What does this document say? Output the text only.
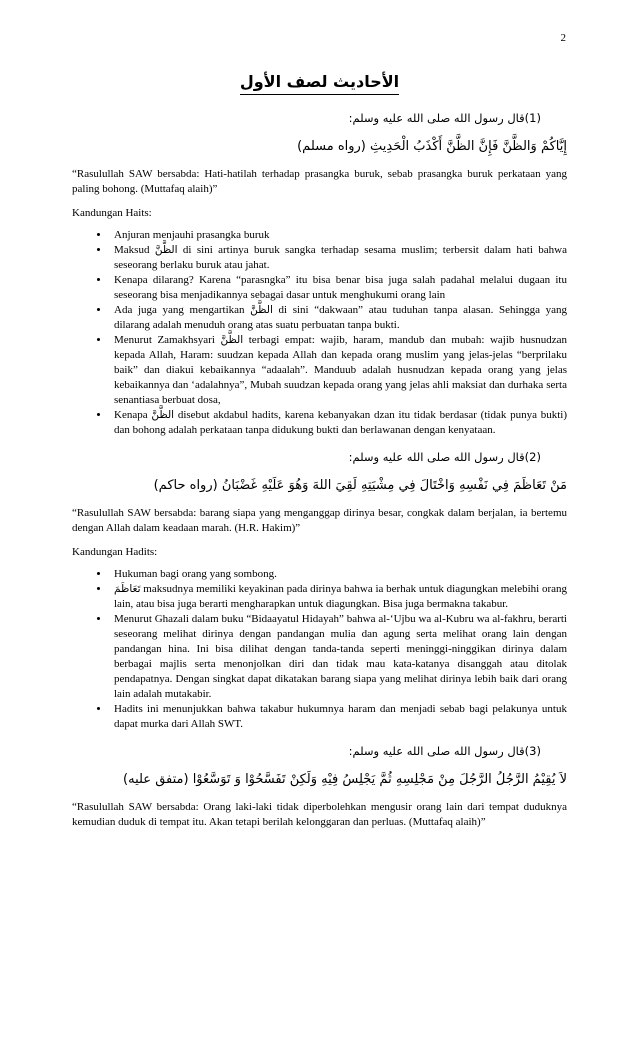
2
الأحاديث لصف الأول

(1)قال رسول الله صلى الله عليه وسلم:

إِيَّاكُمْ وَالظَّنَّ فَإِنَّ الظَّنَّ أَكْذَبُ الْحَدِيثِ (رواه مسلم)

“Rasulullah SAW bersabda: Hati-hatilah terhadap prasangka buruk, sebab prasangka buruk perkataan yang paling bohong. (Muttafaq alaih)”

Kandungan Haits:

• Anjuran menjauhi prasangka buruk
• Maksud الظَّنَّ di sini artinya buruk sangka terhadap sesama muslim; terbersit dalam hati bahwa seseorang berlaku buruk atau jahat.
• Kenapa dilarang? Karena “parasngka” itu bisa benar bisa juga salah padahal melalui dugaan itu seseorang bisa menjadikannya sebagai dasar untuk menghukumi orang lain
• Ada juga yang mengartikan الظَّنَّ di sini “dakwaan” atau tuduhan tanpa alasan. Sehingga yang dilarang adalah menuduh orang atas suatu perbuatan tanpa bukti.
• Menurut Zamakhsyari الظَّنَّ terbagi empat: wajib, haram, mandub dan mubah: wajib husnudzan kepada Allah, Haram: suudzan kepada Allah dan kepada orang muslim yang jelas-jelas “berprilaku baik” dan diakui kebaikannya “adaalah”. Manduub adalah husnudzan kepada orang yang jelas kebaikannya dan ‘adalahnya”, Mubah suudzan kepada orang yang jelas ahli maksiat dan durhaka serta senantiasa berbuat dosa,
• Kenapa الظَّنَّ disebut akdabul hadits, karena kebanyakan dzan itu tidak berdasar (tidak punya bukti) dan bohong adalah perkataan tanpa didukung bukti dan berlawanan dengan kenyataan.

(2)قال رسول الله صلى الله عليه وسلم:

مَنْ تَعَاظَمَ فِي نَفْسِهِ وَاخْتَالَ فِي مِشْيَتِهِ لَقِيَ اللهَ وَهُوَ عَلَيْهِ غَضْبَانُ (رواه حاكم)

“Rasulullah SAW bersabda: barang siapa yang menganggap dirinya besar, congkak dalam berjalan, ia bertemu dengan Allah dalam keadaan marah. (H.R. Hakim)”

Kandungan Hadits:

• Hukuman bagi orang yang sombong.
• تَعَاظَمَ maksudnya memiliki keyakinan pada dirinya bahwa ia berhak untuk diagungkan melebihi orang lain, atau bisa juga berarti mengharapkan untuk diagungkan. Bisa juga bermakna takabur.
• Menurut Ghazali dalam buku “Bidaayatul Hidayah” bahwa al-‘Ujbu wa al-Kubru wa al-fakhru, berarti seseorang melihat dirinya dengan pandangan mulia dan agung serta melihat orang lain dengan pandangan hina. Ini bisa dilihat dengan tanda-tanda seperti meninggi-ninggikan dirinya dalam berbagai majlis serta menonjolkan diri dan tidak mau kata-katanya disanggah atau ditolak pendapatnya. Dengan singkat dapat dikatakan barang siapa yang melihat dirinya lebih baik dari orang lain adalah mutakabir.
• Hadits ini menunjukkan bahwa takabur hukumnya haram dan menjadi sebab bagi pelakunya untuk dapat murka dari Allah SWT.

(3)قال رسول الله صلى الله عليه وسلم:

لاَ يُقِيْمُ الرَّجُلُ الرَّجُلَ مِنْ مَجْلِسِهِ ثُمَّ يَجْلِسُ فِيْهِ وَلَكِنْ تَفَسَّحُوْا وَ تَوَسَّعُوْا (متفق عليه)

“Rasulullah SAW bersabda: Orang laki-laki tidak diperbolehkan mengusir orang lain dari tempat duduknya kemudian duduk di tempat itu. Akan tetapi berilah kelonggaran dan perluas. (Muttafaq alaih)”
